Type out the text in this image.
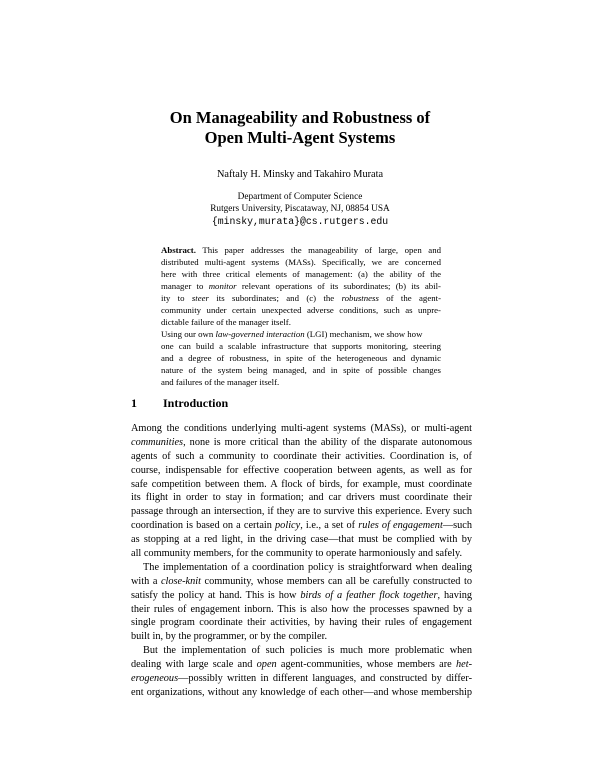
On Manageability and Robustness of
Open Multi-Agent Systems
Naftaly H. Minsky and Takahiro Murata
Department of Computer Science
Rutgers University, Piscataway, NJ, 08854 USA
{minsky,murata}@cs.rutgers.edu
Abstract. This paper addresses the manageability of large, open and
distributed multi-agent systems (MASs). Specifically, we are concerned
here with three critical elements of management: (a) the ability of the
manager to monitor relevant operations of its subordinates; (b) its abil-
ity to steer its subordinates; and (c) the robustness of the agent-
community under certain unexpected adverse conditions, such as unpre-
dictable failure of the manager itself.
Using our own law-governed interaction (LGI) mechanism, we show how
one can build a scalable infrastructure that supports monitoring, steering
and a degree of robustness, in spite of the heterogeneous and dynamic
nature of the system being managed, and in spite of possible changes
and failures of the manager itself.
1 Introduction
Among the conditions underlying multi-agent systems (MASs), or multi-agent
communities, none is more critical than the ability of the disparate autonomous
agents of such a community to coordinate their activities. Coordination is, of
course, indispensable for effective cooperation between agents, as well as for
safe competition between them. A flock of birds, for example, must coordinate
its flight in order to stay in formation; and car drivers must coordinate their
passage through an intersection, if they are to survive this experience. Every such
coordination is based on a certain policy, i.e., a set of rules of engagement—such
as stopping at a red light, in the driving case—that must be complied with by
all community members, for the community to operate harmoniously and safely.
The implementation of a coordination policy is straightforward when dealing
with a close-knit community, whose members can all be carefully constructed to
satisfy the policy at hand. This is how birds of a feather flock together, having
their rules of engagement inborn. This is also how the processes spawned by a
single program coordinate their activities, by having their rules of engagement
built in, by the programmer, or by the compiler.
But the implementation of such policies is much more problematic when
dealing with large scale and open agent-communities, whose members are het-
erogeneous—possibly written in different languages, and constructed by differ-
ent organizations, without any knowledge of each other—and whose membership
